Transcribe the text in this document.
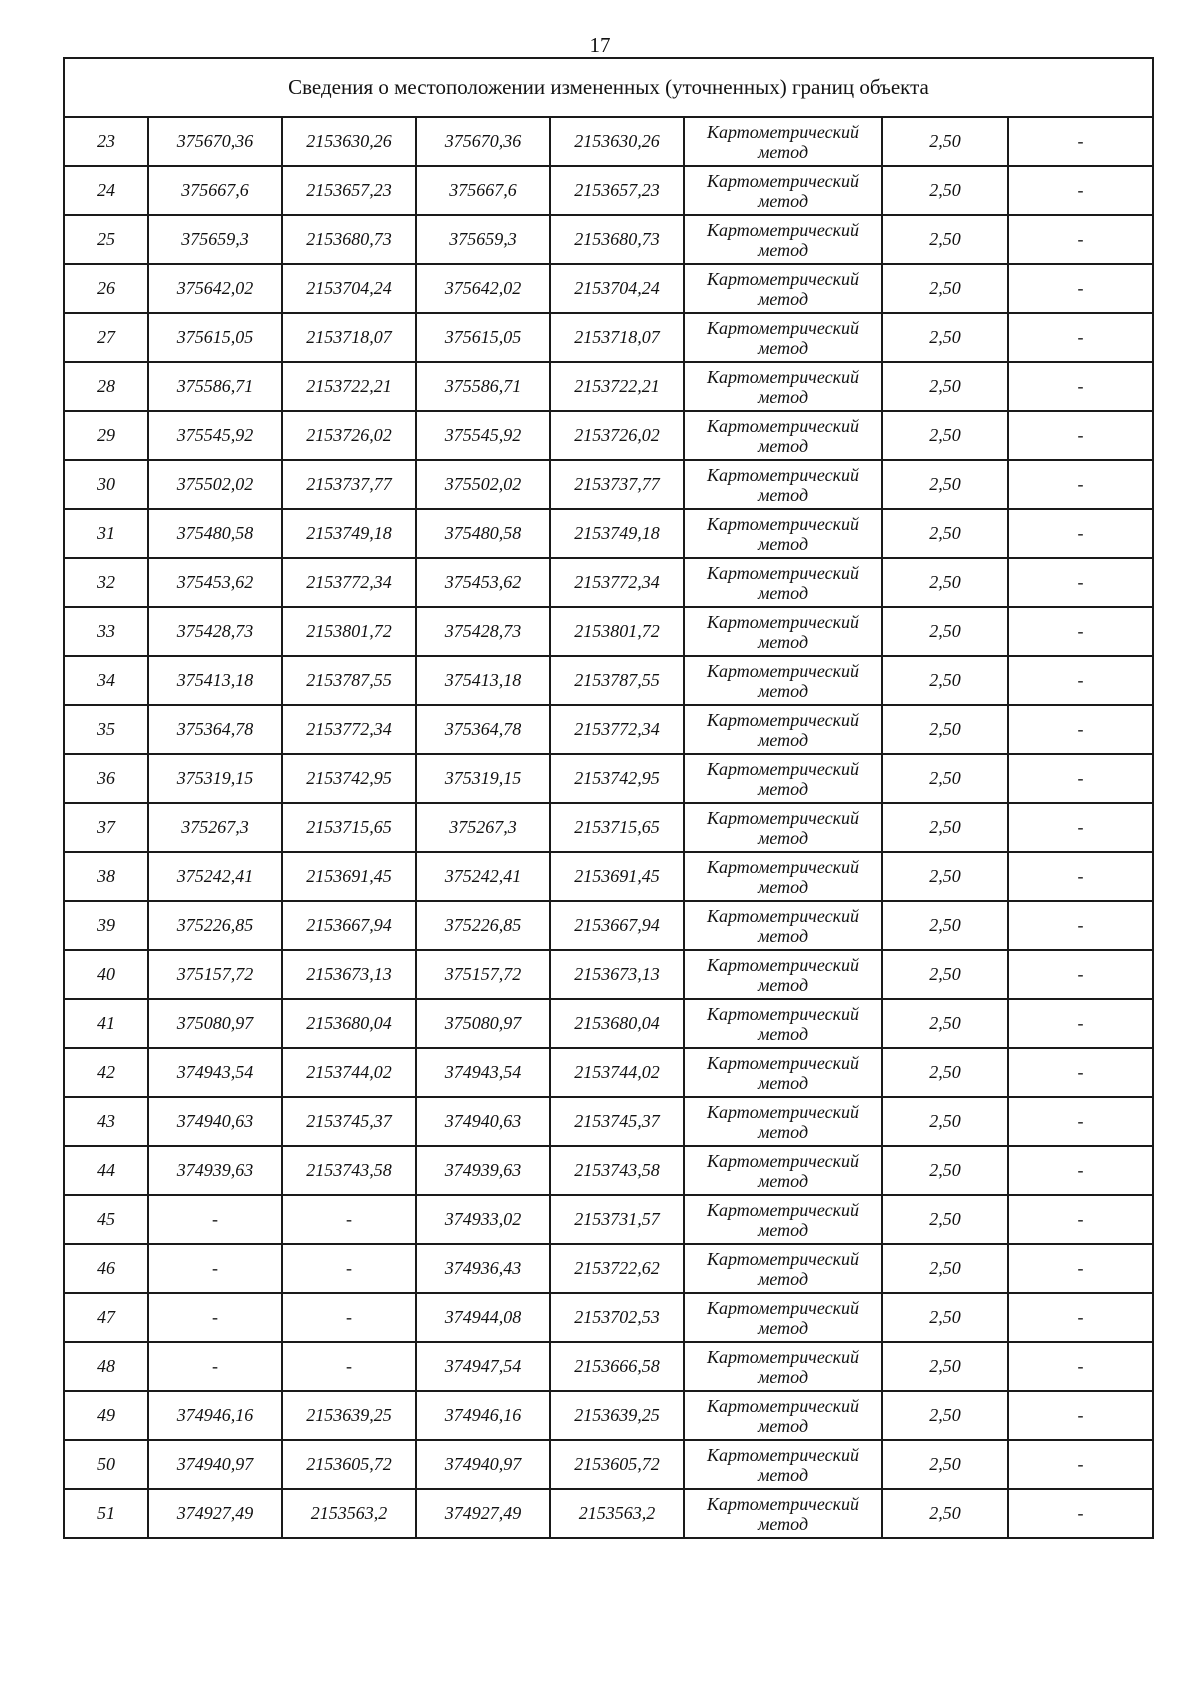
17
Сведения о местоположении измененных (уточненных) границ объекта							
23	375670,36	2153630,26	375670,36	2153630,26	Картометрический метод	2,50	-
24	375667,6	2153657,23	375667,6	2153657,23	Картометрический метод	2,50	-
25	375659,3	2153680,73	375659,3	2153680,73	Картометрический метод	2,50	-
26	375642,02	2153704,24	375642,02	2153704,24	Картометрический метод	2,50	-
27	375615,05	2153718,07	375615,05	2153718,07	Картометрический метод	2,50	-
28	375586,71	2153722,21	375586,71	2153722,21	Картометрический метод	2,50	-
29	375545,92	2153726,02	375545,92	2153726,02	Картометрический метод	2,50	-
30	375502,02	2153737,77	375502,02	2153737,77	Картометрический метод	2,50	-
31	375480,58	2153749,18	375480,58	2153749,18	Картометрический метод	2,50	-
32	375453,62	2153772,34	375453,62	2153772,34	Картометрический метод	2,50	-
33	375428,73	2153801,72	375428,73	2153801,72	Картометрический метод	2,50	-
34	375413,18	2153787,55	375413,18	2153787,55	Картометрический метод	2,50	-
35	375364,78	2153772,34	375364,78	2153772,34	Картометрический метод	2,50	-
36	375319,15	2153742,95	375319,15	2153742,95	Картометрический метод	2,50	-
37	375267,3	2153715,65	375267,3	2153715,65	Картометрический метод	2,50	-
38	375242,41	2153691,45	375242,41	2153691,45	Картометрический метод	2,50	-
39	375226,85	2153667,94	375226,85	2153667,94	Картометрический метод	2,50	-
40	375157,72	2153673,13	375157,72	2153673,13	Картометрический метод	2,50	-
41	375080,97	2153680,04	375080,97	2153680,04	Картометрический метод	2,50	-
42	374943,54	2153744,02	374943,54	2153744,02	Картометрический метод	2,50	-
43	374940,63	2153745,37	374940,63	2153745,37	Картометрический метод	2,50	-
44	374939,63	2153743,58	374939,63	2153743,58	Картометрический метод	2,50	-
45	-	-	374933,02	2153731,57	Картометрический метод	2,50	-
46	-	-	374936,43	2153722,62	Картометрический метод	2,50	-
47	-	-	374944,08	2153702,53	Картометрический метод	2,50	-
48	-	-	374947,54	2153666,58	Картометрический метод	2,50	-
49	374946,16	2153639,25	374946,16	2153639,25	Картометрический метод	2,50	-
50	374940,97	2153605,72	374940,97	2153605,72	Картометрический метод	2,50	-
51	374927,49	2153563,2	374927,49	2153563,2	Картометрический метод	2,50	-
